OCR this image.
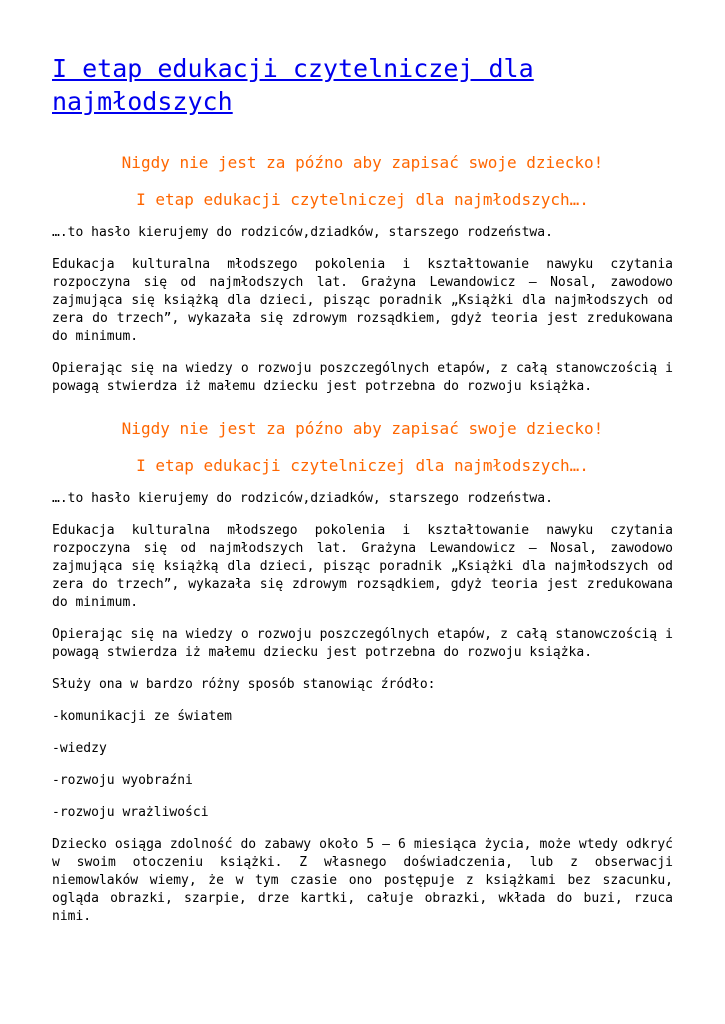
I etap edukacji czytelniczej dla najmłodszych
Nigdy nie jest za późno aby zapisać swoje dziecko!
I etap edukacji czytelniczej dla najmłodszych….

….to hasło kierujemy do rodziców,dziadków, starszego rodzeństwa.

Edukacja kulturalna młodszego pokolenia i kształtowanie nawyku czytania rozpoczyna się od najmłodszych lat. Grażyna Lewandowicz – Nosal, zawodowo zajmująca się książką dla dzieci, pisząc poradnik „Książki dla najmłodszych od zera do trzech”, wykazała się zdrowym rozsądkiem, gdyż teoria jest zredukowana do minimum.

Opierając się na wiedzy o rozwoju poszczególnych etapów, z całą stanowczością i powagą stwierdza iż małemu dziecku jest potrzebna do rozwoju książka.

Nigdy nie jest za późno aby zapisać swoje dziecko!
I etap edukacji czytelniczej dla najmłodszych….

….to hasło kierujemy do rodziców,dziadków, starszego rodzeństwa.

Edukacja kulturalna młodszego pokolenia i kształtowanie nawyku czytania rozpoczyna się od najmłodszych lat. Grażyna Lewandowicz – Nosal, zawodowo zajmująca się książką dla dzieci, pisząc poradnik „Książki dla najmłodszych od zera do trzech”, wykazała się zdrowym rozsądkiem, gdyż teoria jest zredukowana do minimum.

Opierając się na wiedzy o rozwoju poszczególnych etapów, z całą stanowczością i powagą stwierdza iż małemu dziecku jest potrzebna do rozwoju książka.

Służy ona w bardzo różny sposób stanowiąc źródło:

-komunikacji ze światem

-wiedzy

-rozwoju wyobraźni

-rozwoju wrażliwości

Dziecko osiąga zdolność do zabawy około 5 – 6 miesiąca życia, może wtedy odkryć w swoim otoczeniu książki. Z własnego doświadczenia, lub z obserwacji niemowlaków wiemy, że w tym czasie ono postępuje z książkami bez szacunku, ogląda obrazki, szarpie, drze kartki, całuje obrazki, wkłada do buzi, rzuca nimi.
